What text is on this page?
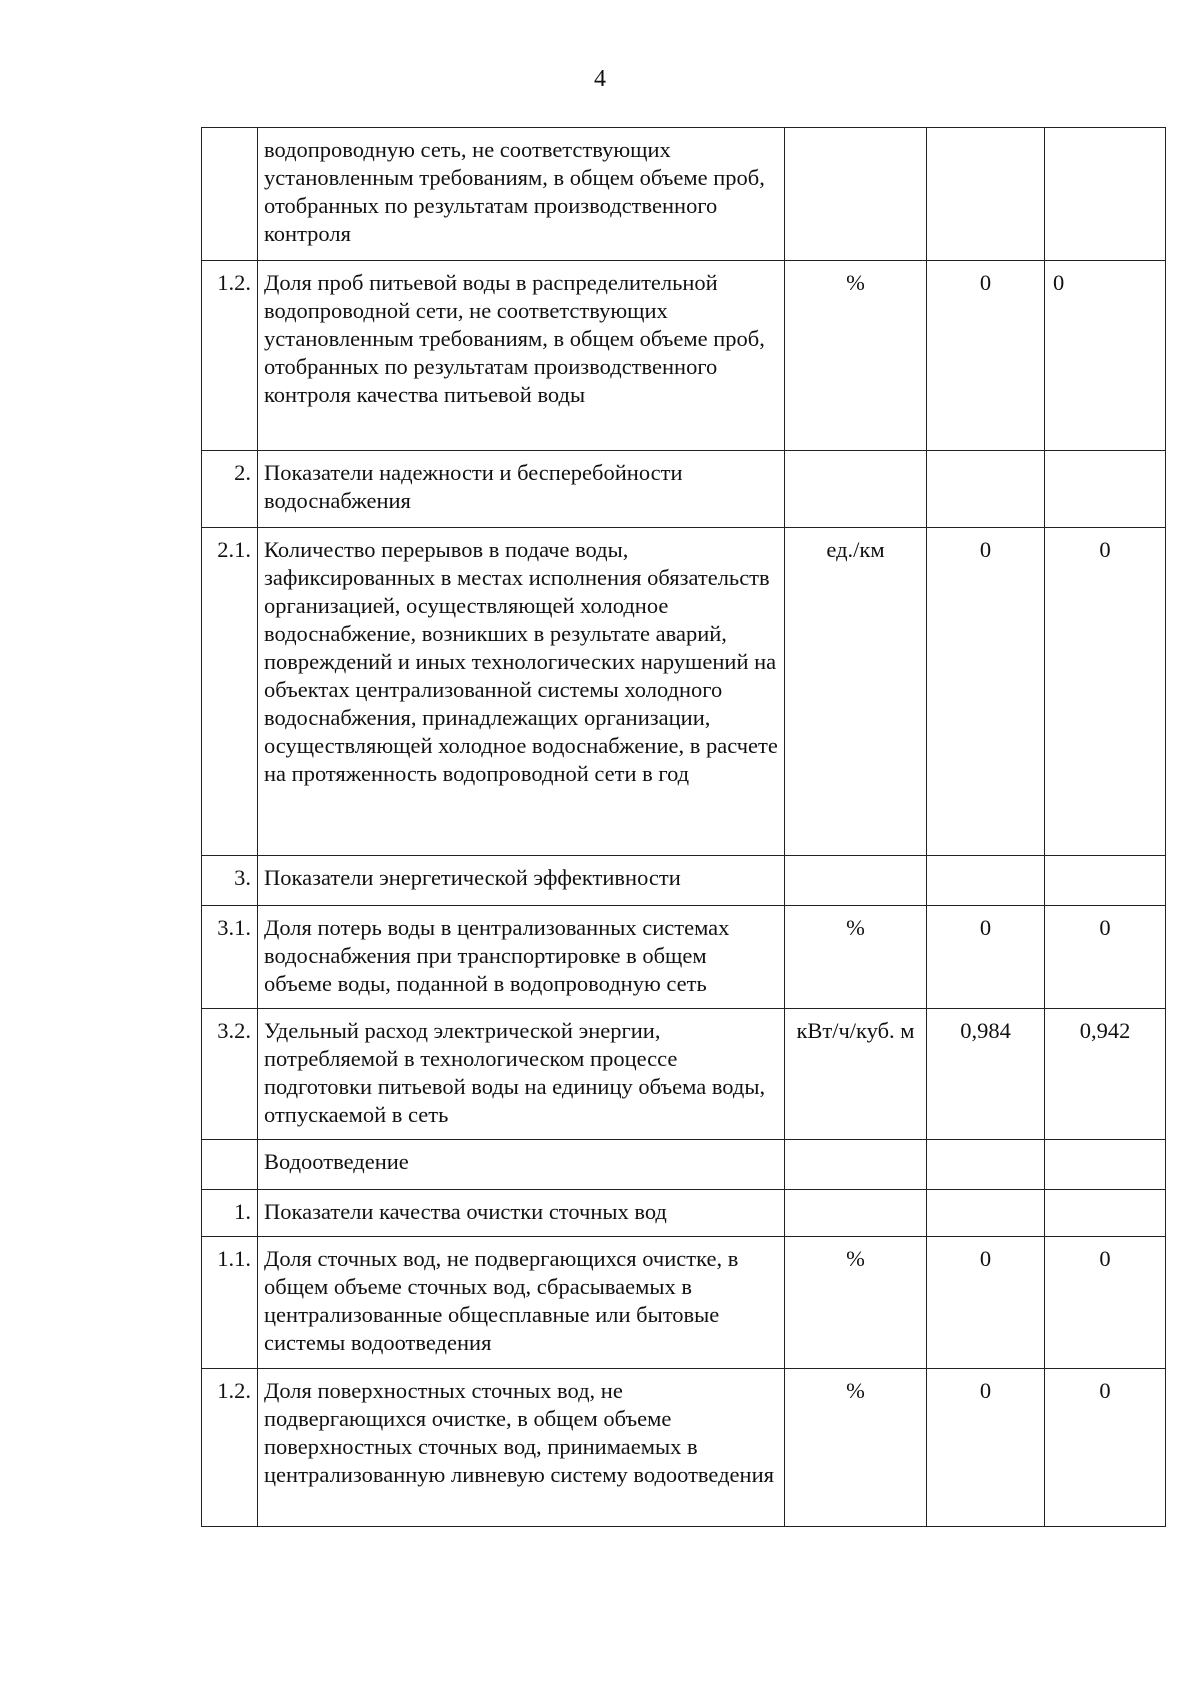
4
	водопроводную сеть, не соответствующих установленным требованиям, в общем объеме проб, отобранных по результатам производственного контроля			
1.2.	Доля проб питьевой воды в распределительной водопроводной сети, не соответствующих установленным требованиям, в общем объеме проб, отобранных по результатам производственного контроля качества питьевой воды	%	0	0
2.	Показатели надежности и бесперебойности водоснабжения			
2.1.	Количество перерывов в подаче воды, зафиксированных в местах исполнения обязательств организацией, осуществляющей холодное водоснабжение, возникших в результате аварий, повреждений и иных технологических нарушений на объектах централизованной системы холодного водоснабжения, принадлежащих организации, осуществляющей холодное водоснабжение, в расчете на протяженность водопроводной сети в год	ед./км	0	0
3.	Показатели энергетической эффективности			
3.1.	Доля потерь воды в централизованных системах водоснабжения при транспортировке в общем объеме воды, поданной в водопроводную сеть	%	0	0
3.2.	Удельный расход электрической энергии, потребляемой в технологическом процессе подготовки питьевой воды на единицу объема воды, отпускаемой в сеть	кВт/ч/куб. м	0,984	0,942
	Водоотведение			
1.	Показатели качества очистки сточных вод			
1.1.	Доля сточных вод, не подвергающихся очистке, в общем объеме сточных вод, сбрасываемых в централизованные общесплавные или бытовые системы водоотведения	%	0	0
1.2.	Доля поверхностных сточных вод, не подвергающихся очистке, в общем объеме поверхностных сточных вод, принимаемых в централизованную ливневую систему водоотведения	%	0	0
